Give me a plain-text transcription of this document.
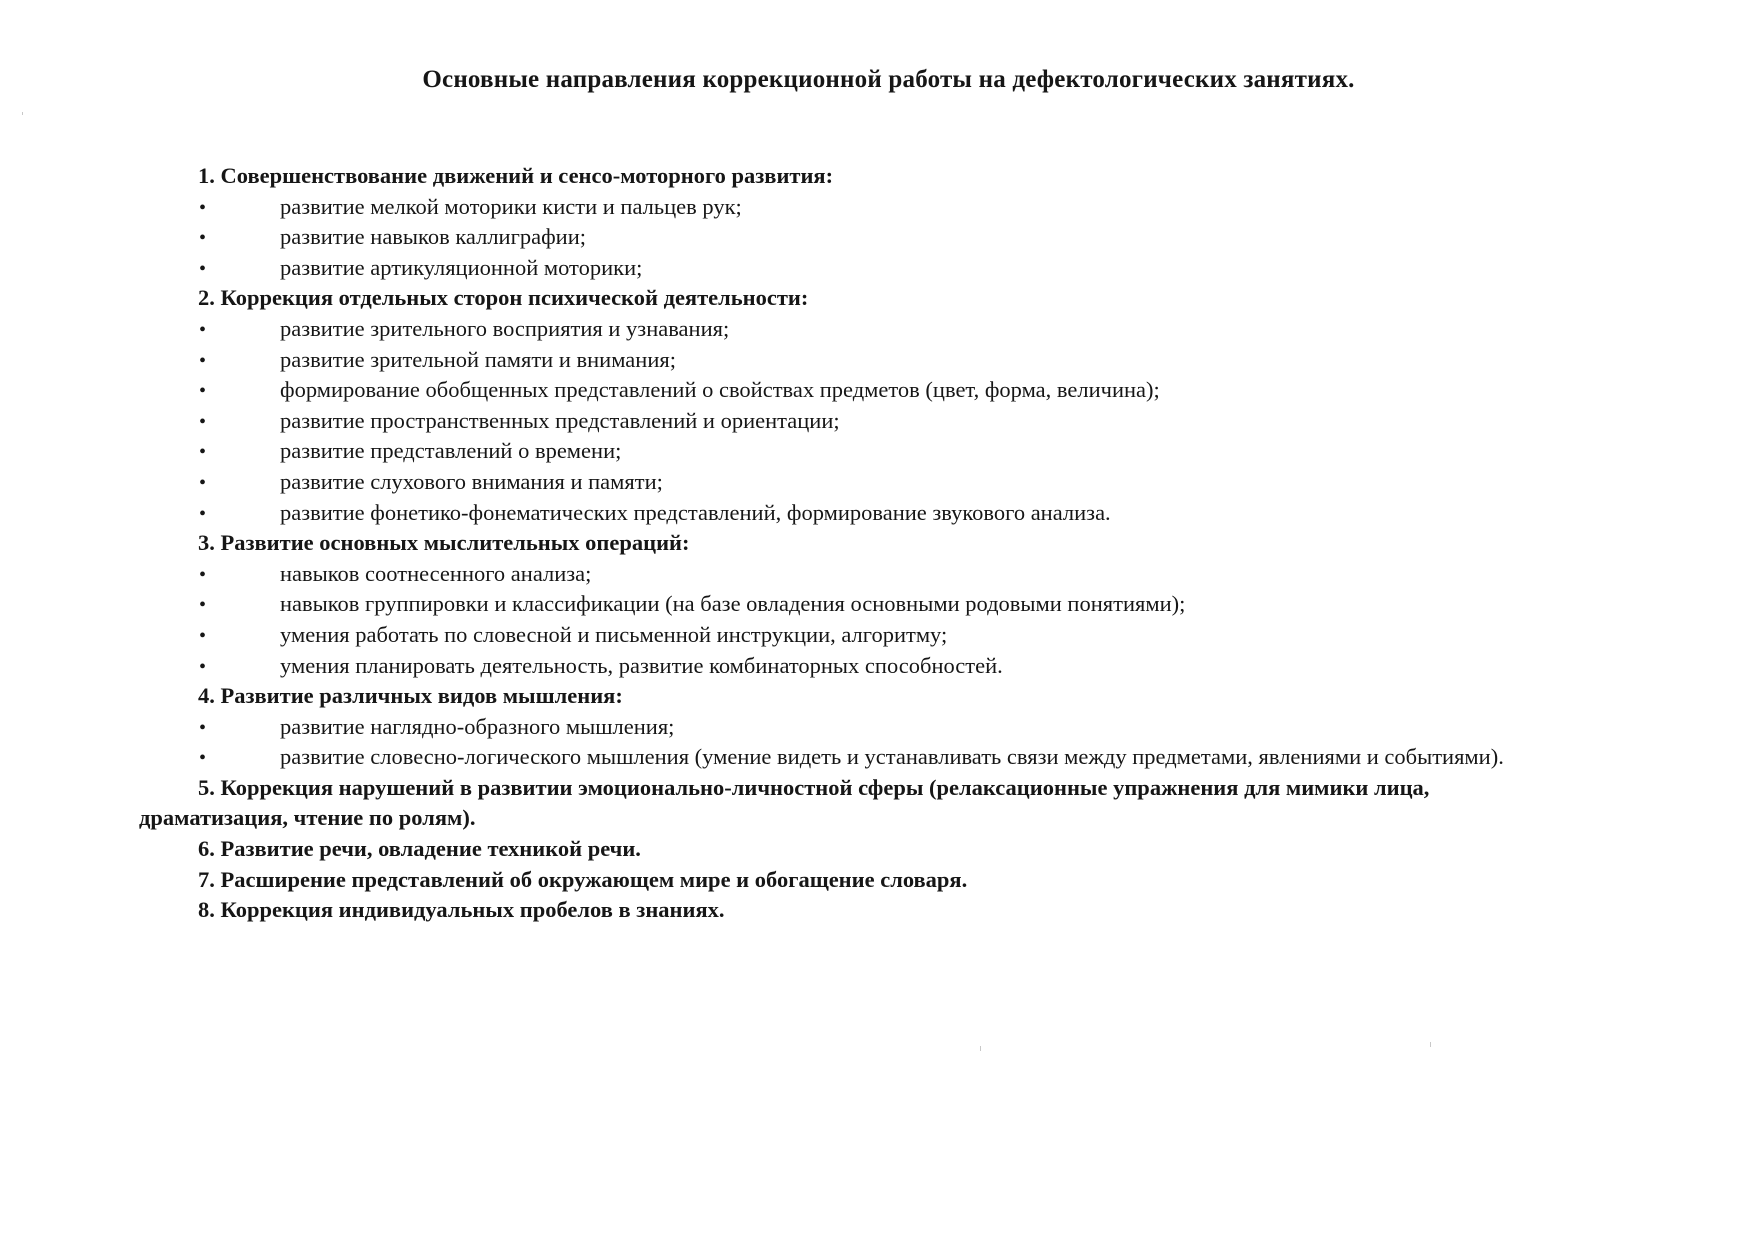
Основные направления коррекционной работы на дефектологических занятиях.
1. Совершенствование движений и сенсо-моторного развития:
•	развитие мелкой моторики кисти и пальцев рук;
•	развитие навыков каллиграфии;
•	развитие артикуляционной моторики;
2. Коррекция отдельных сторон психической деятельности:
•	развитие зрительного восприятия и узнавания;
•	развитие зрительной памяти и внимания;
•	формирование обобщенных представлений о свойствах предметов (цвет, форма, величина);
•	развитие пространственных представлений и ориентации;
•	развитие представлений о времени;
•	развитие слухового внимания и памяти;
•	развитие фонетико-фонематических представлений, формирование звукового анализа.
3. Развитие основных мыслительных операций:
•	навыков соотнесенного анализа;
•	навыков группировки и классификации (на базе овладения основными родовыми понятиями);
•	умения работать по словесной и письменной инструкции, алгоритму;
•	умения планировать деятельность, развитие комбинаторных способностей.
4. Развитие различных видов мышления:
•	развитие наглядно-образного мышления;
•	развитие словесно-логического мышления (умение видеть и устанавливать связи между предметами, явлениями и событиями).
5. Коррекция нарушений в развитии эмоционально-личностной сферы (релаксационные упражнения для мимики лица,
драматизация, чтение по ролям).
6. Развитие речи, овладение техникой речи.
7. Расширение представлений об окружающем мире и обогащение словаря.
8. Коррекция индивидуальных пробелов в знаниях.
